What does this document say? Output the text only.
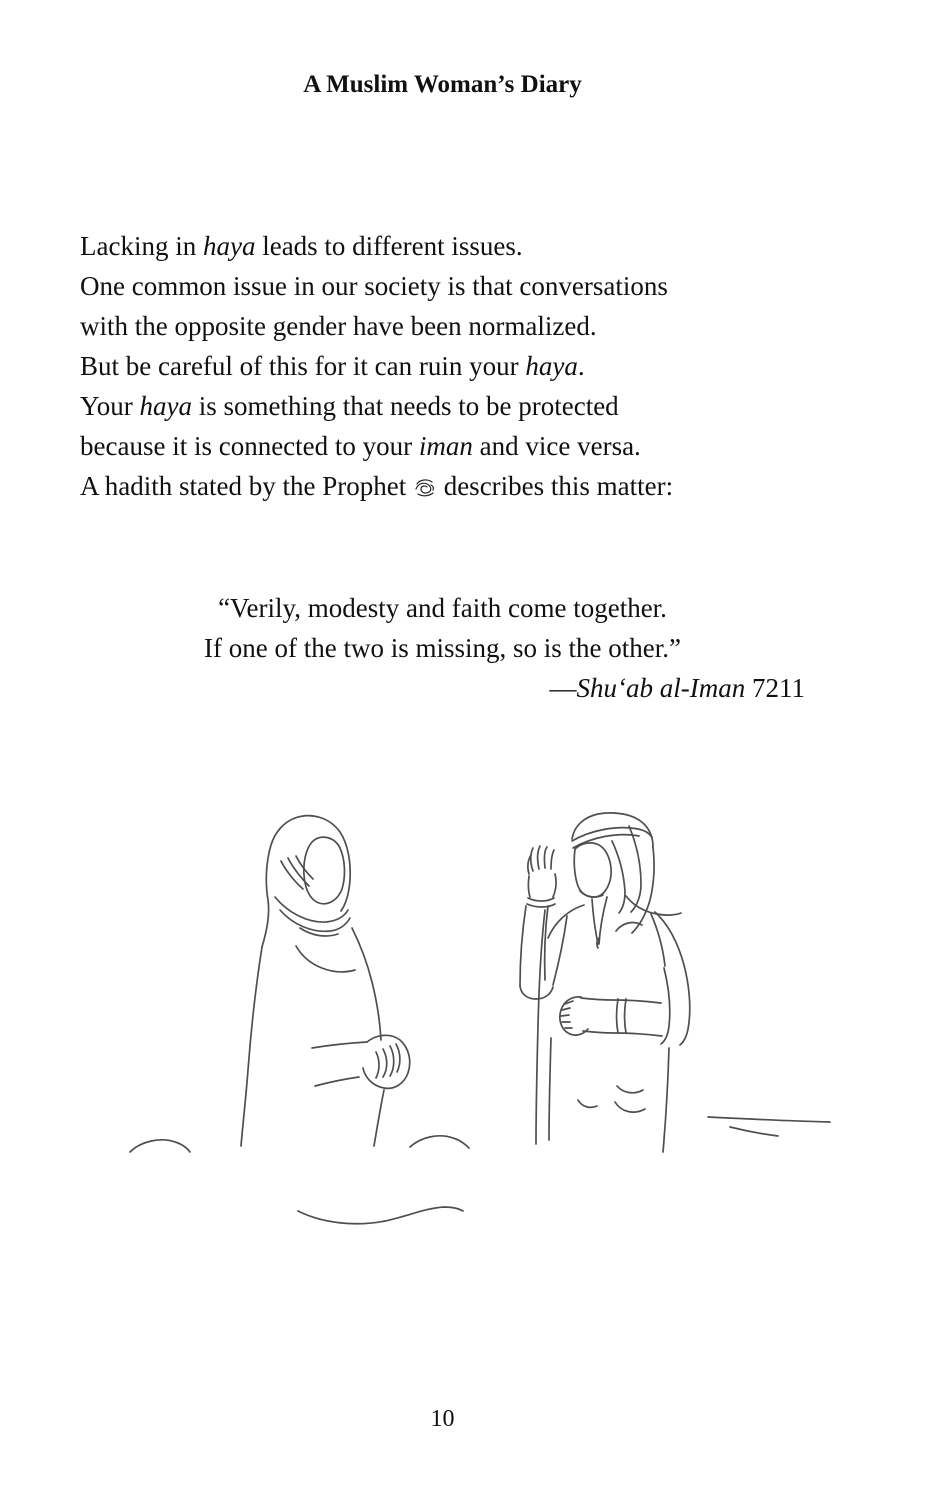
A Muslim Woman’s Diary
Lacking in haya leads to different issues.
One common issue in our society is that conversations
with the opposite gender have been normalized.
But be careful of this for it can ruin your haya.
Your haya is something that needs to be protected
because it is connected to your iman and vice versa.
A hadith stated by the Prophet
describes this matter:
“Verily, modesty and faith come together.
If one of the two is missing, so is the other.”
—Shu‘ab al-Iman 7211
10
